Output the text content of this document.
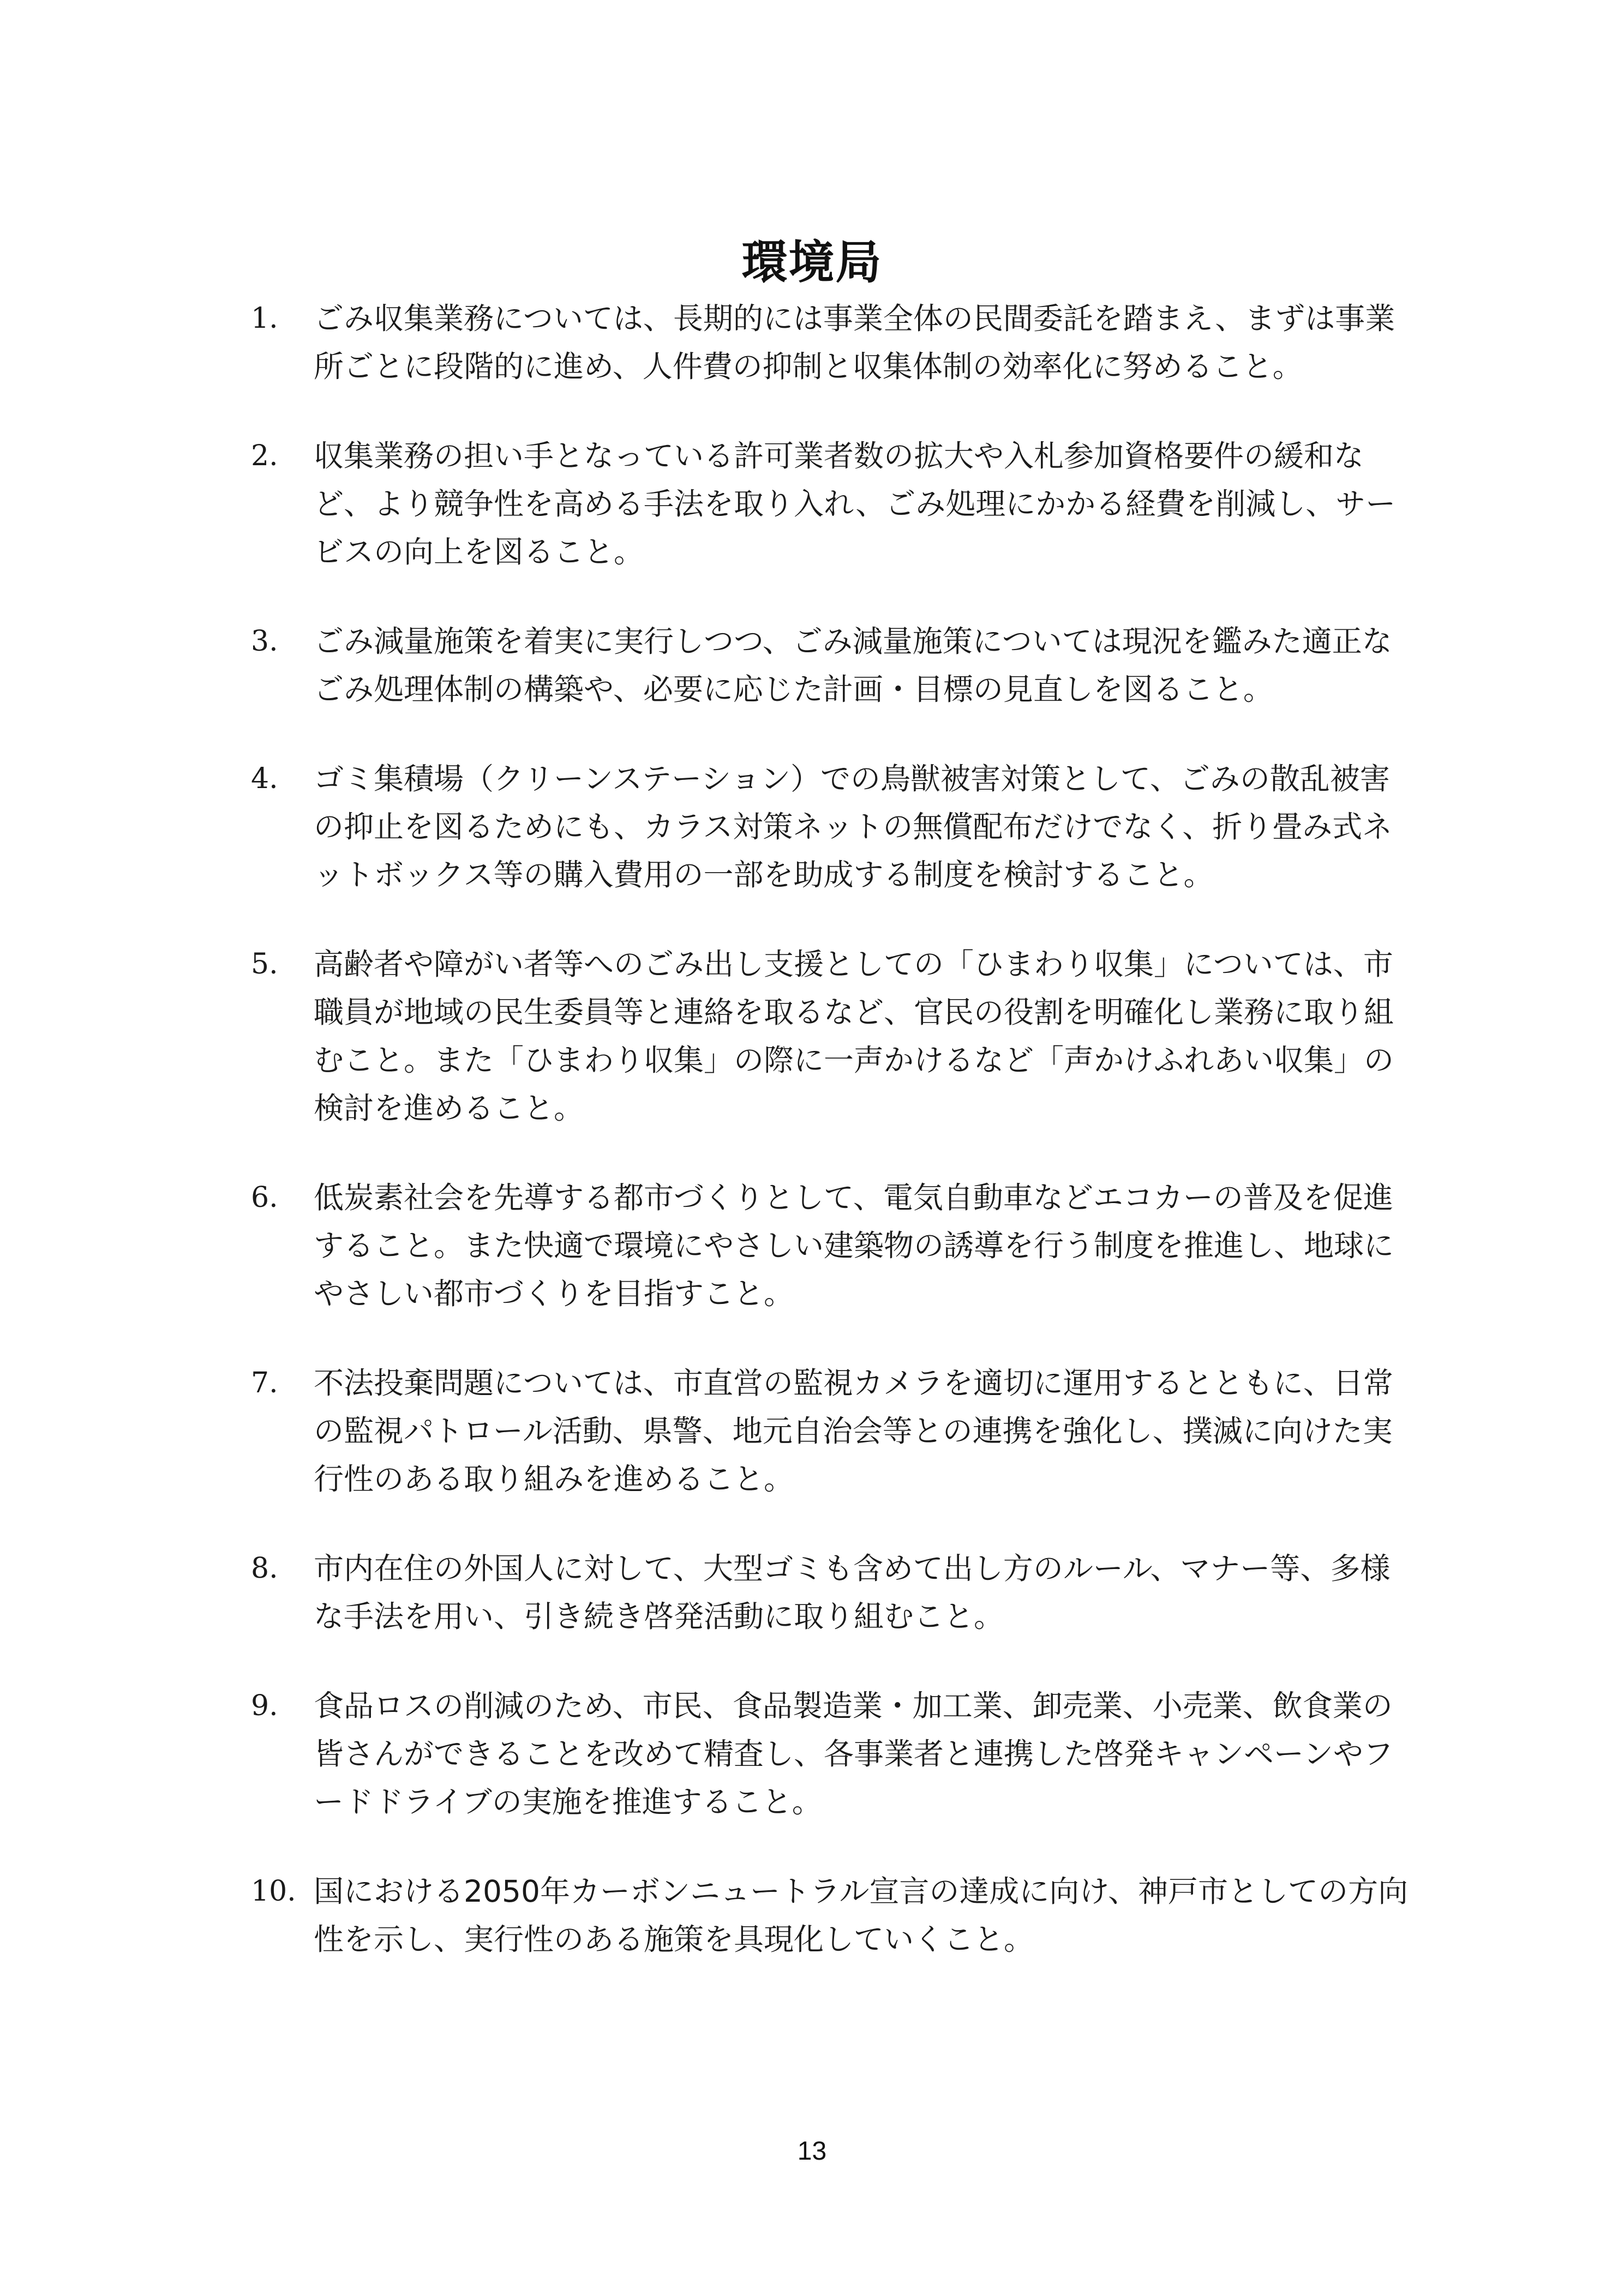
環境局
1. ごみ収集業務については、長期的には事業全体の民間委託を踏まえ、まずは事業所ごとに段階的に進め、人件費の抑制と収集体制の効率化に努めること。
2. 収集業務の担い手となっている許可業者数の拡大や入札参加資格要件の緩和など、より競争性を高める手法を取り入れ、ごみ処理にかかる経費を削減し、サービスの向上を図ること。
3. ごみ減量施策を着実に実行しつつ、ごみ減量施策については現況を鑑みた適正なごみ処理体制の構築や、必要に応じた計画・目標の見直しを図ること。
4. ゴミ集積場（クリーンステーション）での鳥獣被害対策として、ごみの散乱被害の抑止を図るためにも、カラス対策ネットの無償配布だけでなく、折り畳み式ネットボックス等の購入費用の一部を助成する制度を検討すること。
5. 高齢者や障がい者等へのごみ出し支援としての「ひまわり収集」については、市職員が地域の民生委員等と連絡を取るなど、官民の役割を明確化し業務に取り組むこと。また「ひまわり収集」の際に一声かけるなど「声かけふれあい収集」の検討を進めること。
6. 低炭素社会を先導する都市づくりとして、電気自動車などエコカーの普及を促進すること。また快適で環境にやさしい建築物の誘導を行う制度を推進し、地球にやさしい都市づくりを目指すこと。
7. 不法投棄問題については、市直営の監視カメラを適切に運用するとともに、日常の監視パトロール活動、県警、地元自治会等との連携を強化し、撲滅に向けた実行性のある取り組みを進めること。
8. 市内在住の外国人に対して、大型ゴミも含めて出し方のルール、マナー等、多様な手法を用い、引き続き啓発活動に取り組むこと。
9. 食品ロスの削減のため、市民、食品製造業・加工業、卸売業、小売業、飲食業の皆さんができることを改めて精査し、各事業者と連携した啓発キャンペーンやフードドライブの実施を推進すること。
10. 国における2050年カーボンニュートラル宣言の達成に向け、神戸市としての方向性を示し、実行性のある施策を具現化していくこと。
13
